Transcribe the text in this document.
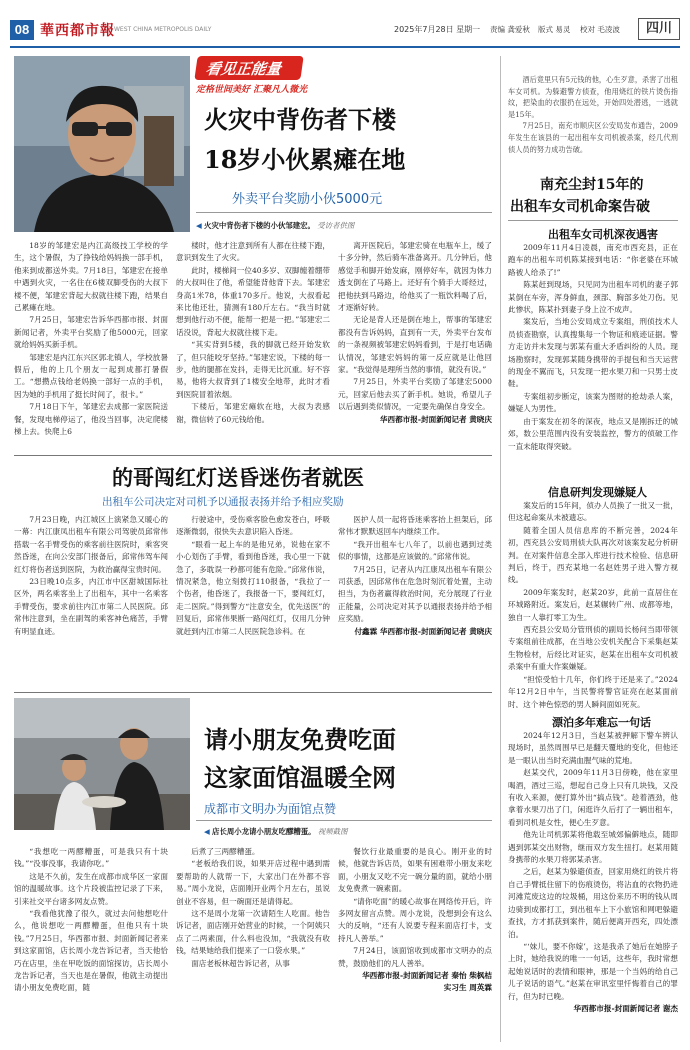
08 華西都市報 WEST CHINA METROPOLIS DAILY	2025年7月28日 星期一 责编 龚爱秋 版式 易灵 校对 毛凌波	四川
看见正能量
定格世间美好 汇聚凡人微光
火灾中背伤者下楼
18岁小伙累瘫在地
外卖平台奖励小伙5000元
◀ 火灾中背伤者下楼的小伙邹建宏。 受访者供图

18岁的邹建宏是内江高级技工学校的学生，这个暑假，为了挣钱给妈妈换一部手机，他来到成都送外卖。7月18日，邹建宏在接单中遇到火灾，一名住在6楼双脚受伤的大叔下楼不便，邹建宏背起大叔就往楼下跑，结果自己累瘫在地。

7月25日，邹建宏告诉华西都市报、封面新闻记者，外卖平台奖励了他5000元，回家就给妈妈买新手机。

邹建宏是内江东兴区郭北镇人，学校放暑假后，他的上几个朋友一起到成都打暑假工。“想攒点钱给老妈换一部好一点的手机，因为她的手机用了挺长时间了，很卡。”

7月18日下午，邹建宏去成都一家医院送餐，发现电梯停运了，他没当回事，决定爬楼梯上去。快爬上6

楼时，他才注意到所有人都在往楼下跑，意识到发生了火灾。

此时，楼梯间一位40多岁、双脚缠着绷带的大叔叫住了他，希望能背他背下去。邹建宏身高1米78，体重170多斤。他说，大叔看起来比他还壮，猜测有180斤左右。“我当时就想到他行动不便，能帮一把是一把。”邹建宏二话没说，背起大叔就往楼下走。

“其实背到5楼，我的脚就已经开始发软了，但只能咬牙坚持。”邹建宏说，下楼的每一步，他的腿都在发抖，走得无比沉重。好不容易，他将大叔背到了1楼安全地带，此时才看到医院冒着浓烟。

下楼后，邹建宏瘫软在地，大叔为表感谢，微信转了60元钱给他。

离开医院后，邹建宏骑在电瓶车上，缓了十多分钟，然后骑车准备离开。几分钟后，他感觉手和脚开始发麻，刚停好车，就因为体力透支倒在了马路上。还好有个骑手大哥经过，把他扶到马路边，给他买了一瓶饮料喝了后，才逐渐好转。

无论是背人还是倒在地上，帮事的邹建宏都没有告诉妈妈，直到有一天，外卖平台发布的一条视频被邹建宏妈妈看到，于是打电话确认情况，邹建宏妈妈的第一反应就是让他回家。“我觉得是理所当然的事情，就没有说。”

7月25日，外卖平台奖励了邹建宏5000元，回家后他去买了新手机。她说，希望儿子以后遇到类似情况，一定要先确保自身安全。

华西都市报-封面新闻记者 黄晓庆

的哥闯红灯送昏迷伤者就医
出租车公司决定对司机予以通报表扬并给予相应奖励

7月23日晚，内江城区上演紧急又暖心的一幕：内江康凤出租车有限公司驾驶员邱常伟搭载一名手臂受伤的乘客前往医院时，乘客突然昏迷，在向公安部门报备后，邱常伟驾车闯红灯将伤者送到医院，为救治赢得宝贵时间。

23日晚10点多，内江市中区甜城国际社区外，两名乘客坐上了出租车，其中一名乘客手臂受伤，要求前往内江市第二人民医院。邱常伟注意到，坐在副驾的乘客神色痛苦，手臂有明显血迹。

行驶途中，受伤乘客脸色愈发苍白，呼吸逐渐微弱，很快失去意识陷入昏迷。

“眼看一起上车的是他兄弟，说他在家不小心划伤了手臂，看到他昏迷，我心里一下就急了，多耽误一秒都可能有危险。”邱常伟说，情况紧急，他立刻拨打110报备，“我拉了一个伤者，他昏迷了，我报备一下，要闯红灯，走二医院。”得到警方“注意安全，优先送医”的回复后，邱常伟果断一路闯红灯，仅用几分钟就赶到内江市第二人民医院急诊科。在

医护人员一起将昏迷乘客抬上担架后，邱常伟才默默返回车内继续工作。

“我开出租车七八年了，以前也遇到过类似的事情，这都是应该做的。”邱常伟说。

7月25日，记者从内江康凤出租车有限公司获悉，因邱常伟在危急时刻沉着处置，主动担当，为伤者赢得救治时间，充分展现了行业正能量，公司决定对其予以通报表扬并给予相应奖励。

付鑫霖 华西都市报-封面新闻记者 黄晓庆

请小朋友免费吃面
这家面馆温暖全网
成都市文明办为面馆点赞
◀ 店长周小龙请小朋友吃醪糟蛋。 视频截图

“我想吃一两醪糟蛋，可是我只有十块钱。”“没事没事，我请你吃。”

这是不久前，发生在成都市成华区一家面馆的温暖故事。这个片段被监控记录了下来，引来社交平台诸多网友点赞。

“我看他犹豫了很久，就过去问他想吃什么，他说想吃一两醪糟蛋，但他只有十块钱。”7月25日，华西都市报、封面新闻记者来到这家面馆，店长周小龙告诉记者，当天他恰巧在店里，坐在甲吃饭的面馆探访，店长周小龙告诉记者，当天也是在暑假，他就主动提出请小朋友免费吃面，随

后煮了三两醪糟蛋。

“老板给我们说，如果开店过程中遇到需要帮助的人就帮一下，大家出门在外都不容易。”周小龙说，店面刚开业两个月左右，虽说创业不容易，但一碗面还是请得起。

这不是周小龙第一次请陌生人吃面。他告诉记者，面店刚开始营业的时候，一个阿姨只点了二两素面，什么料也没加，“我就没有收钱，结果她给我们提来了一口袋水果。”

面店老板林超告诉记者，从事

餐饮行业最重要的是良心。刚开业的时候，他就告诉店员，如果有困难带小朋友来吃面，小朋友又吃不完一碗分量的面，就给小朋友免费煮一碗素面。

“请你吃面”的暖心故事在网络传开后，许多网友留言点赞。周小龙说，没想到会有这么大的反响，“还有人说要专程来面店打卡，支持凡人善举。”

7月24日，该面馆收到成都市文明办的点赞，鼓励他们的凡人善举。

华西都市报-封面新闻记者 秦怡 柴枫桔 实习生 周英霖

酒后竟里只有5元钱的他，心生歹意，杀害了出租车女司机。为躲避警方侦查，他用烧红的铁片烫伤指纹，把染血的衣服扔在远处，开始四处潜逃，一逃就是15年。

7月25日，南充市顺庆区公安局发布通告，2009年发生在该县的一起出租车女司机被杀案，经几代刑侦人员的努力成功告破。

南充尘封15年的
出租车女司机命案告破
出租车女司机深夜遇害

2009年11月4日凌晨，南充市西充县，正在跑车的出租车司机陈某接到电话：“你老婆在环城路被人给杀了!”

陈某赶到现场，只见同为出租车司机的妻子郭某倒在车旁，浑身鲜血，颈部、胸部多处刀伤。见此惨状，陈某扑到妻子身上泣不成声。

案发后，当地公安局成立专案组，刑侦技术人员侦查勘察，认真搜集每一个物证和痕迹证据。警方走访并未发现与郭某有重大矛盾纠纷的人员。现场勘察时，发现郭某随身携带的手提包和当天运营的现金不翼而飞，只发现一把水果刀和一只男士皮鞋。

专案组初步断定，该案为图财的抢劫杀人案，嫌疑人为男性。

由于案发在初冬的深夜，地点又是刚拆迁的城郊，数公里范围内没有安装监控，警方的侦破工作一直未能取得突破。

信息研判发现嫌疑人

案发后的15年间，侦办人员换了一批又一批，但这起命案从未被遗忘。

随着全国人员信息库的不断完善，2024年初，西充县公安局刑侦大队再次对该案发起分析研判。在对案件信息全部入库进行技术检验、信息研判后，终于，西充某地一名赵姓男子进入警方视线。

2009年案发时，赵某20岁，此前一直居住在环城路附近。案发后，赵某辗转广州、成都等地，独自一人靠打零工为生。

西充县公安局分管刑侦的副局长杨问当即带领专案组前往成都，在当地公安机关配合下采集赵某生物检材，后经比对证实，赵某在出租车女司机被杀案中有重大作案嫌疑。

“担惊受怕十几年，你们终于还是来了。”2024年12月2日中午，当民警将警官证亮在赵某面前时，这个神色惊恐的男人瞬间面如死灰。

漂泊多年难忘一句话

2024年12月3日，当赵某被押解下警车辨认现场时，虽然周围早已是翻天覆地的变化，但他还是一眼认出当时充满血腥气味的荒地。

赵某交代，2009年11月3日傍晚，他在家里喝酒，酒过三巡，想起自己身上只有几块钱，又没有收入来源，便打算外出“搞点钱”。趁着酒劲，他拿着水果刀出了门，闲逛许久后打了一辆出租车，看到司机是女性，便心生歹意。

他先让司机郭某将他载至城郊偏僻地点，随即遇到郭某交出财物，继而双方发生扭打。赵某用随身携带的水果刀将郭某杀害。

之后，赵某为躲避侦查，回家用烧红的铁片将自己手臂抵住留下的伤痕烫伤，将沾血的衣物扔进河滩荒废这边的垃圾桶，用这份来历不明的钱从周边骑到成都打工，到出租车上下小旅馆和网吧躲避查找，方才抓获到案件，随后便离开西充，四处漂泊。

“‘妹儿，要不你嫁’，这是我杀了她后在她脖子上时，她给我说的唯一一句话，这些年，我时常想起她说话时的表情和眼神，那是一个当妈的给自己儿子说话的语气。”赵某在审讯室里忏悔着自己的罪行，但为时已晚。

华西都市报-封面新闻记者 谢杰
